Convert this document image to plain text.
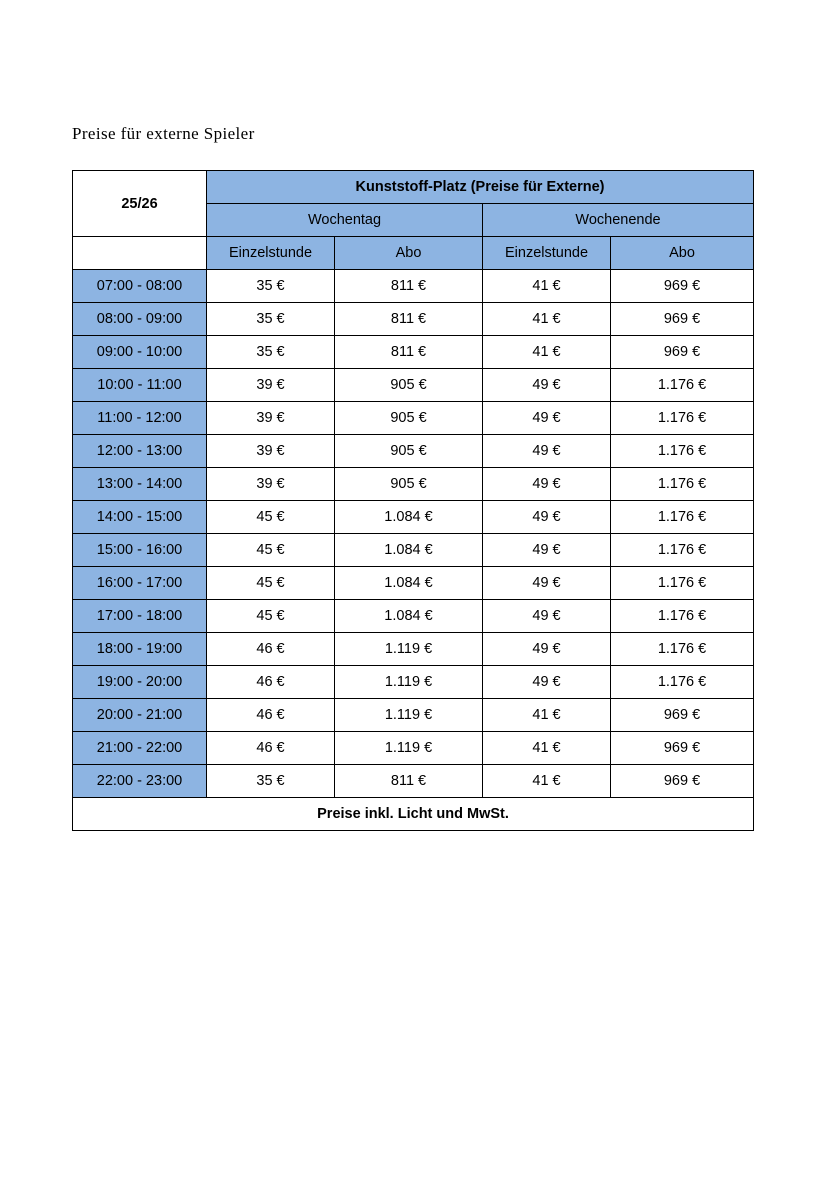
Preise für externe Spieler
25/26	Kunststoff-Platz (Preise für Externe)			
	Wochentag		Wochenende	
	Einzelstunde	Abo	Einzelstunde	Abo
07:00 - 08:00	35 €	811 €	41 €	969 €
08:00 - 09:00	35 €	811 €	41 €	969 €
09:00 - 10:00	35 €	811 €	41 €	969 €
10:00 - 11:00	39 €	905 €	49 €	1.176 €
11:00 - 12:00	39 €	905 €	49 €	1.176 €
12:00 - 13:00	39 €	905 €	49 €	1.176 €
13:00 - 14:00	39 €	905 €	49 €	1.176 €
14:00 - 15:00	45 €	1.084 €	49 €	1.176 €
15:00 - 16:00	45 €	1.084 €	49 €	1.176 €
16:00 - 17:00	45 €	1.084 €	49 €	1.176 €
17:00 - 18:00	45 €	1.084 €	49 €	1.176 €
18:00 - 19:00	46 €	1.119 €	49 €	1.176 €
19:00 - 20:00	46 €	1.119 €	49 €	1.176 €
20:00 - 21:00	46 €	1.119 €	41 €	969 €
21:00 - 22:00	46 €	1.119 €	41 €	969 €
22:00 - 23:00	35 €	811 €	41 €	969 €
Preise inkl. Licht und MwSt.				
